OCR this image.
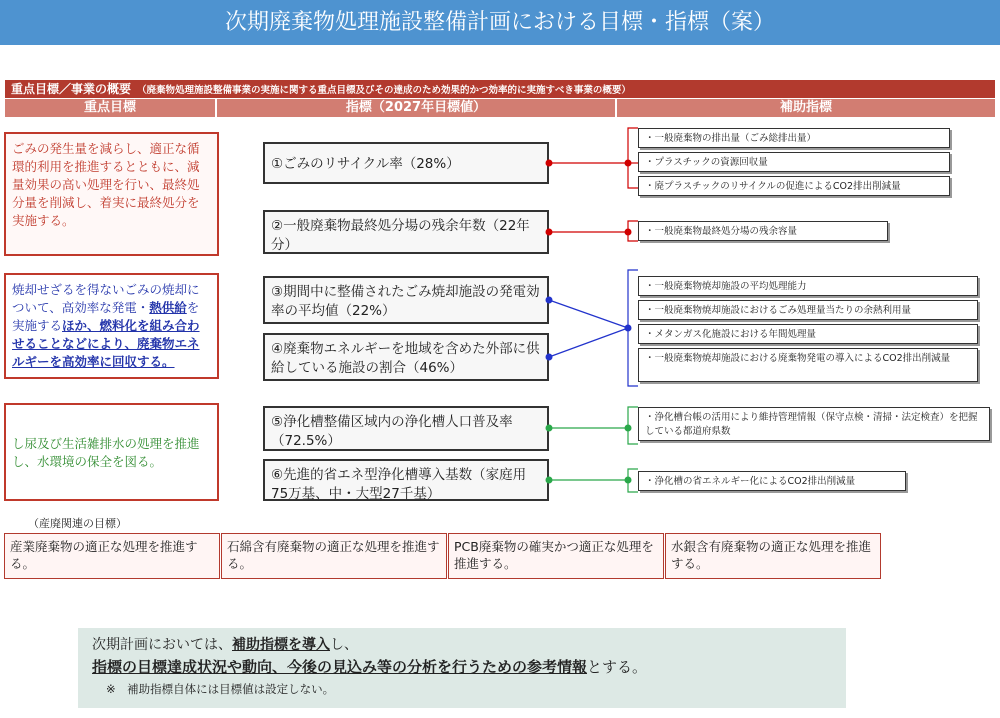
次期廃棄物処理施設整備計画における目標・指標（案）
重点目標／事業の概要 （廃棄物処理施設整備事業の実施に関する重点目標及びその達成のため効果的かつ効率的に実施すべき事業の概要）
重点目標	指標（2027年目標値）	補助指標
ごみの発生量を減らし、適正な循環的利用を推進するとともに、減量効果の高い処理を行い、最終処分量を削減し、着実に最終処分を実施する。
焼却せざるを得ないごみの焼却について、高効率な発電・熱供給を実施するほか、燃料化を組み合わせることなどにより、廃棄物エネルギーを高効率に回収する。
し尿及び生活雑排水の処理を推進し、水環境の保全を図る。
①ごみのリサイクル率（28%）
②一般廃棄物最終処分場の残余年数（22年分）
③期間中に整備されたごみ焼却施設の発電効率の平均値（22%）
④廃棄物エネルギーを地域を含めた外部に供給している施設の割合（46%）
⑤浄化槽整備区域内の浄化槽人口普及率（72.5%）
⑥先進的省エネ型浄化槽導入基数（家庭用75万基、中・大型27千基）
・ 一般廃棄物の排出量（ごみ総排出量）
・ プラスチックの資源回収量
・ 廃プラスチックのリサイクルの促進によるCO2排出削減量
・ 一般廃棄物最終処分場の残余容量
・ 一般廃棄物焼却施設の平均処理能力
・ 一般廃棄物焼却施設におけるごみ処理量当たりの余熱利用量
・ メタンガス化施設における年間処理量
・ 一般廃棄物焼却施設における廃棄物発電の導入によるCO2排出削減量
・ 浄化槽台帳の活用により維持管理情報（保守点検・清掃・法定検査）を把握している都道府県数
・ 浄化槽の省エネルギー化によるCO2排出削減量
（産廃関連の目標）
産業廃棄物の適正な処理を推進する。
石綿含有廃棄物の適正な処理を推進する。
PCB廃棄物の確実かつ適正な処理を推進する。
水銀含有廃棄物の適正な処理を推進する。
次期計画においては、補助指標を導入し、
指標の目標達成状況や動向、今後の見込み等の分析を行うための参考情報とする。
※　補助指標自体には目標値は設定しない。
